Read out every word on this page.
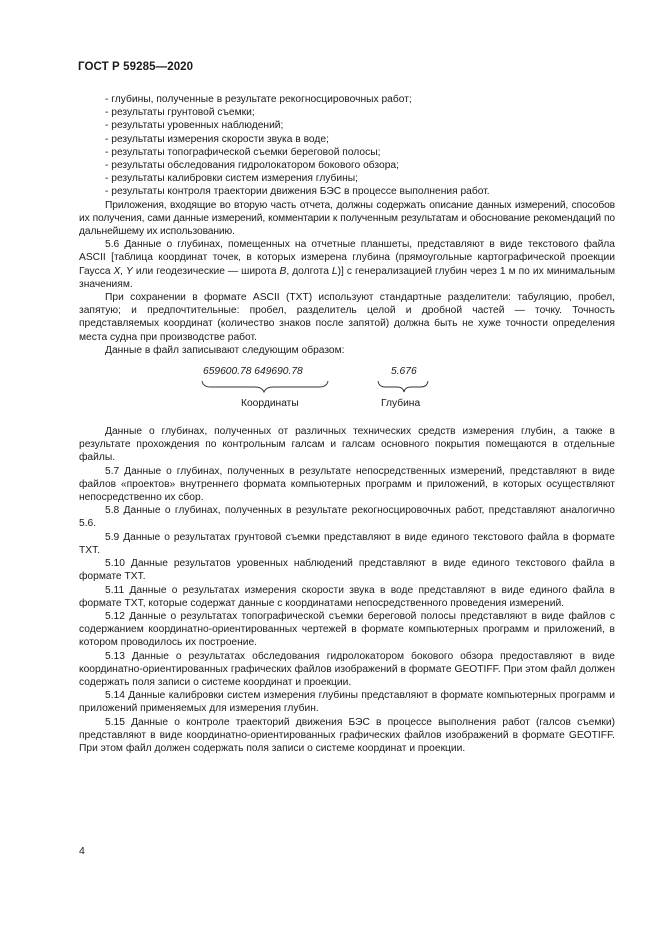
ГОСТ Р 59285—2020

- глубины, полученные в результате рекогносцировочных работ;

- результаты грунтовой съемки;

- результаты уровенных наблюдений;

- результаты измерения скорости звука в воде;

- результаты топографической съемки береговой полосы;

- результаты обследования гидролокатором бокового обзора;

- результаты калибровки систем измерения глубины;

- результаты контроля траектории движения БЭС в процессе выполнения работ.

Приложения, входящие во вторую часть отчета, должны содержать описание данных измерений, способов их получения, сами данные измерений, комментарии к полученным результатам и обоснование рекомендаций по дальнейшему их использованию.

5.6 Данные о глубинах, помещенных на отчетные планшеты, представляют в виде текстового файла ASCII [таблица координат точек, в которых измерена глубина (прямоугольные картографической проекции Гаусса X, Y или геодезические — широта B, долгота L)] с генерализацией глубин через 1 м по их минимальным значениям.

При сохранении в формате ASCII (TXT) используют стандартные разделители: табуляцию, пробел, запятую; и предпочтительные: пробел, разделитель целой и дробной частей — точку. Точность представляемых координат (количество знаков после запятой) должна быть не хуже точности определения места судна при производстве работ.

Данные в файл записывают следующим образом:

659600.78 649690.78	5.676
Координаты	Глубина

Данные о глубинах, полученных от различных технических средств измерения глубин, а также в результате прохождения по контрольным галсам и галсам основного покрытия помещаются в отдельные файлы.

5.7 Данные о глубинах, полученных в результате непосредственных измерений, представляют в виде файлов «проектов» внутреннего формата компьютерных программ и приложений, в которых осуществляют непосредственно их сбор.

5.8 Данные о глубинах, полученных в результате рекогносцировочных работ, представляют аналогично 5.6.

5.9 Данные о результатах грунтовой съемки представляют в виде единого текстового файла в формате TXT.

5.10 Данные результатов уровенных наблюдений представляют в виде единого текстового файла в формате TXT.

5.11 Данные о результатах измерения скорости звука в воде представляют в виде единого файла в формате TXT, которые содержат данные с координатами непосредственного проведения измерений.

5.12 Данные о результатах топографической съемки береговой полосы представляют в виде файлов с содержанием координатно-ориентированных чертежей в формате компьютерных программ и приложений, в котором проводилось их построение.

5.13 Данные о результатах обследования гидролокатором бокового обзора предоставляют в виде координатно-ориентированных графических файлов изображений в формате GEOTIFF. При этом файл должен содержать поля записи о системе координат и проекции.

5.14 Данные калибровки систем измерения глубины представляют в формате компьютерных программ и приложений применяемых для измерения глубин.

5.15 Данные о контроле траекторий движения БЭС в процессе выполнения работ (галсов съемки) представляют в виде координатно-ориентированных графических файлов изображений в формате GEOTIFF. При этом файл должен содержать поля записи о системе координат и проекции.

4
